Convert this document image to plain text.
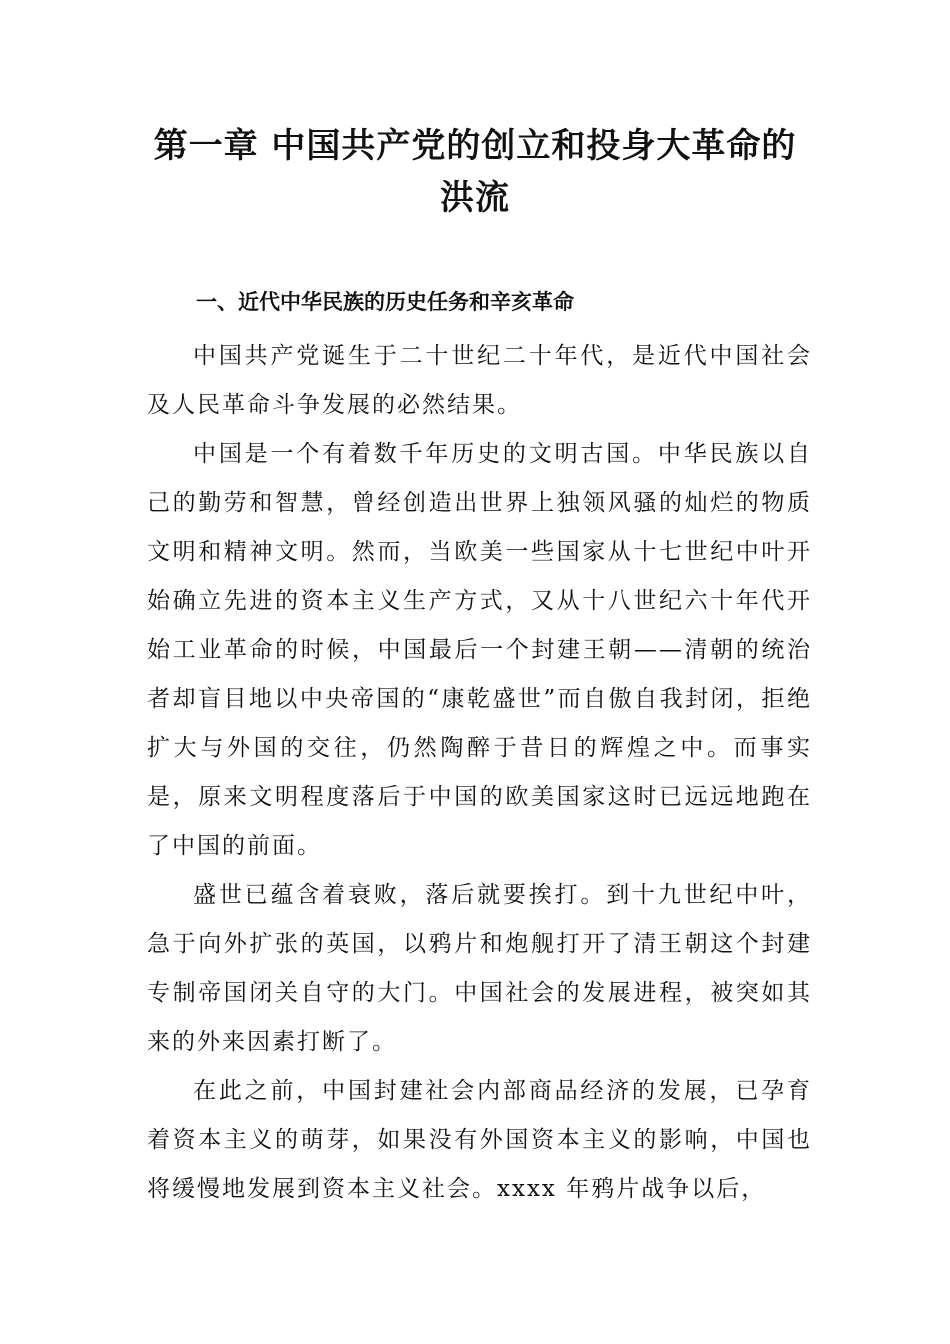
第一章 中国共产党的创立和投身大革命的
洪流
一、近代中华民族的历史任务和辛亥革命

中国共产党诞生于二十世纪二十年代，是近代中国社会及人民革命斗争发展的必然结果。

中国是一个有着数千年历史的文明古国。中华民族以自己的勤劳和智慧，曾经创造出世界上独领风骚的灿烂的物质文明和精神文明。然而，当欧美一些国家从十七世纪中叶开始确立先进的资本主义生产方式，又从十八世纪六十年代开始工业革命的时候，中国最后一个封建王朝——清朝的统治者却盲目地以中央帝国的“康乾盛世”而自傲自我封闭，拒绝扩大与外国的交往，仍然陶醉于昔日的辉煌之中。而事实是，原来文明程度落后于中国的欧美国家这时已远远地跑在了中国的前面。

盛世已蕴含着衰败，落后就要挨打。到十九世纪中叶，急于向外扩张的英国，以鸦片和炮舰打开了清王朝这个封建专制帝国闭关自守的大门。中国社会的发展进程，被突如其来的外来因素打断了。

在此之前，中国封建社会内部商品经济的发展，已孕育着资本主义的萌芽，如果没有外国资本主义的影响，中国也将缓慢地发展到资本主义社会。xxxx 年鸦片战争以后，
